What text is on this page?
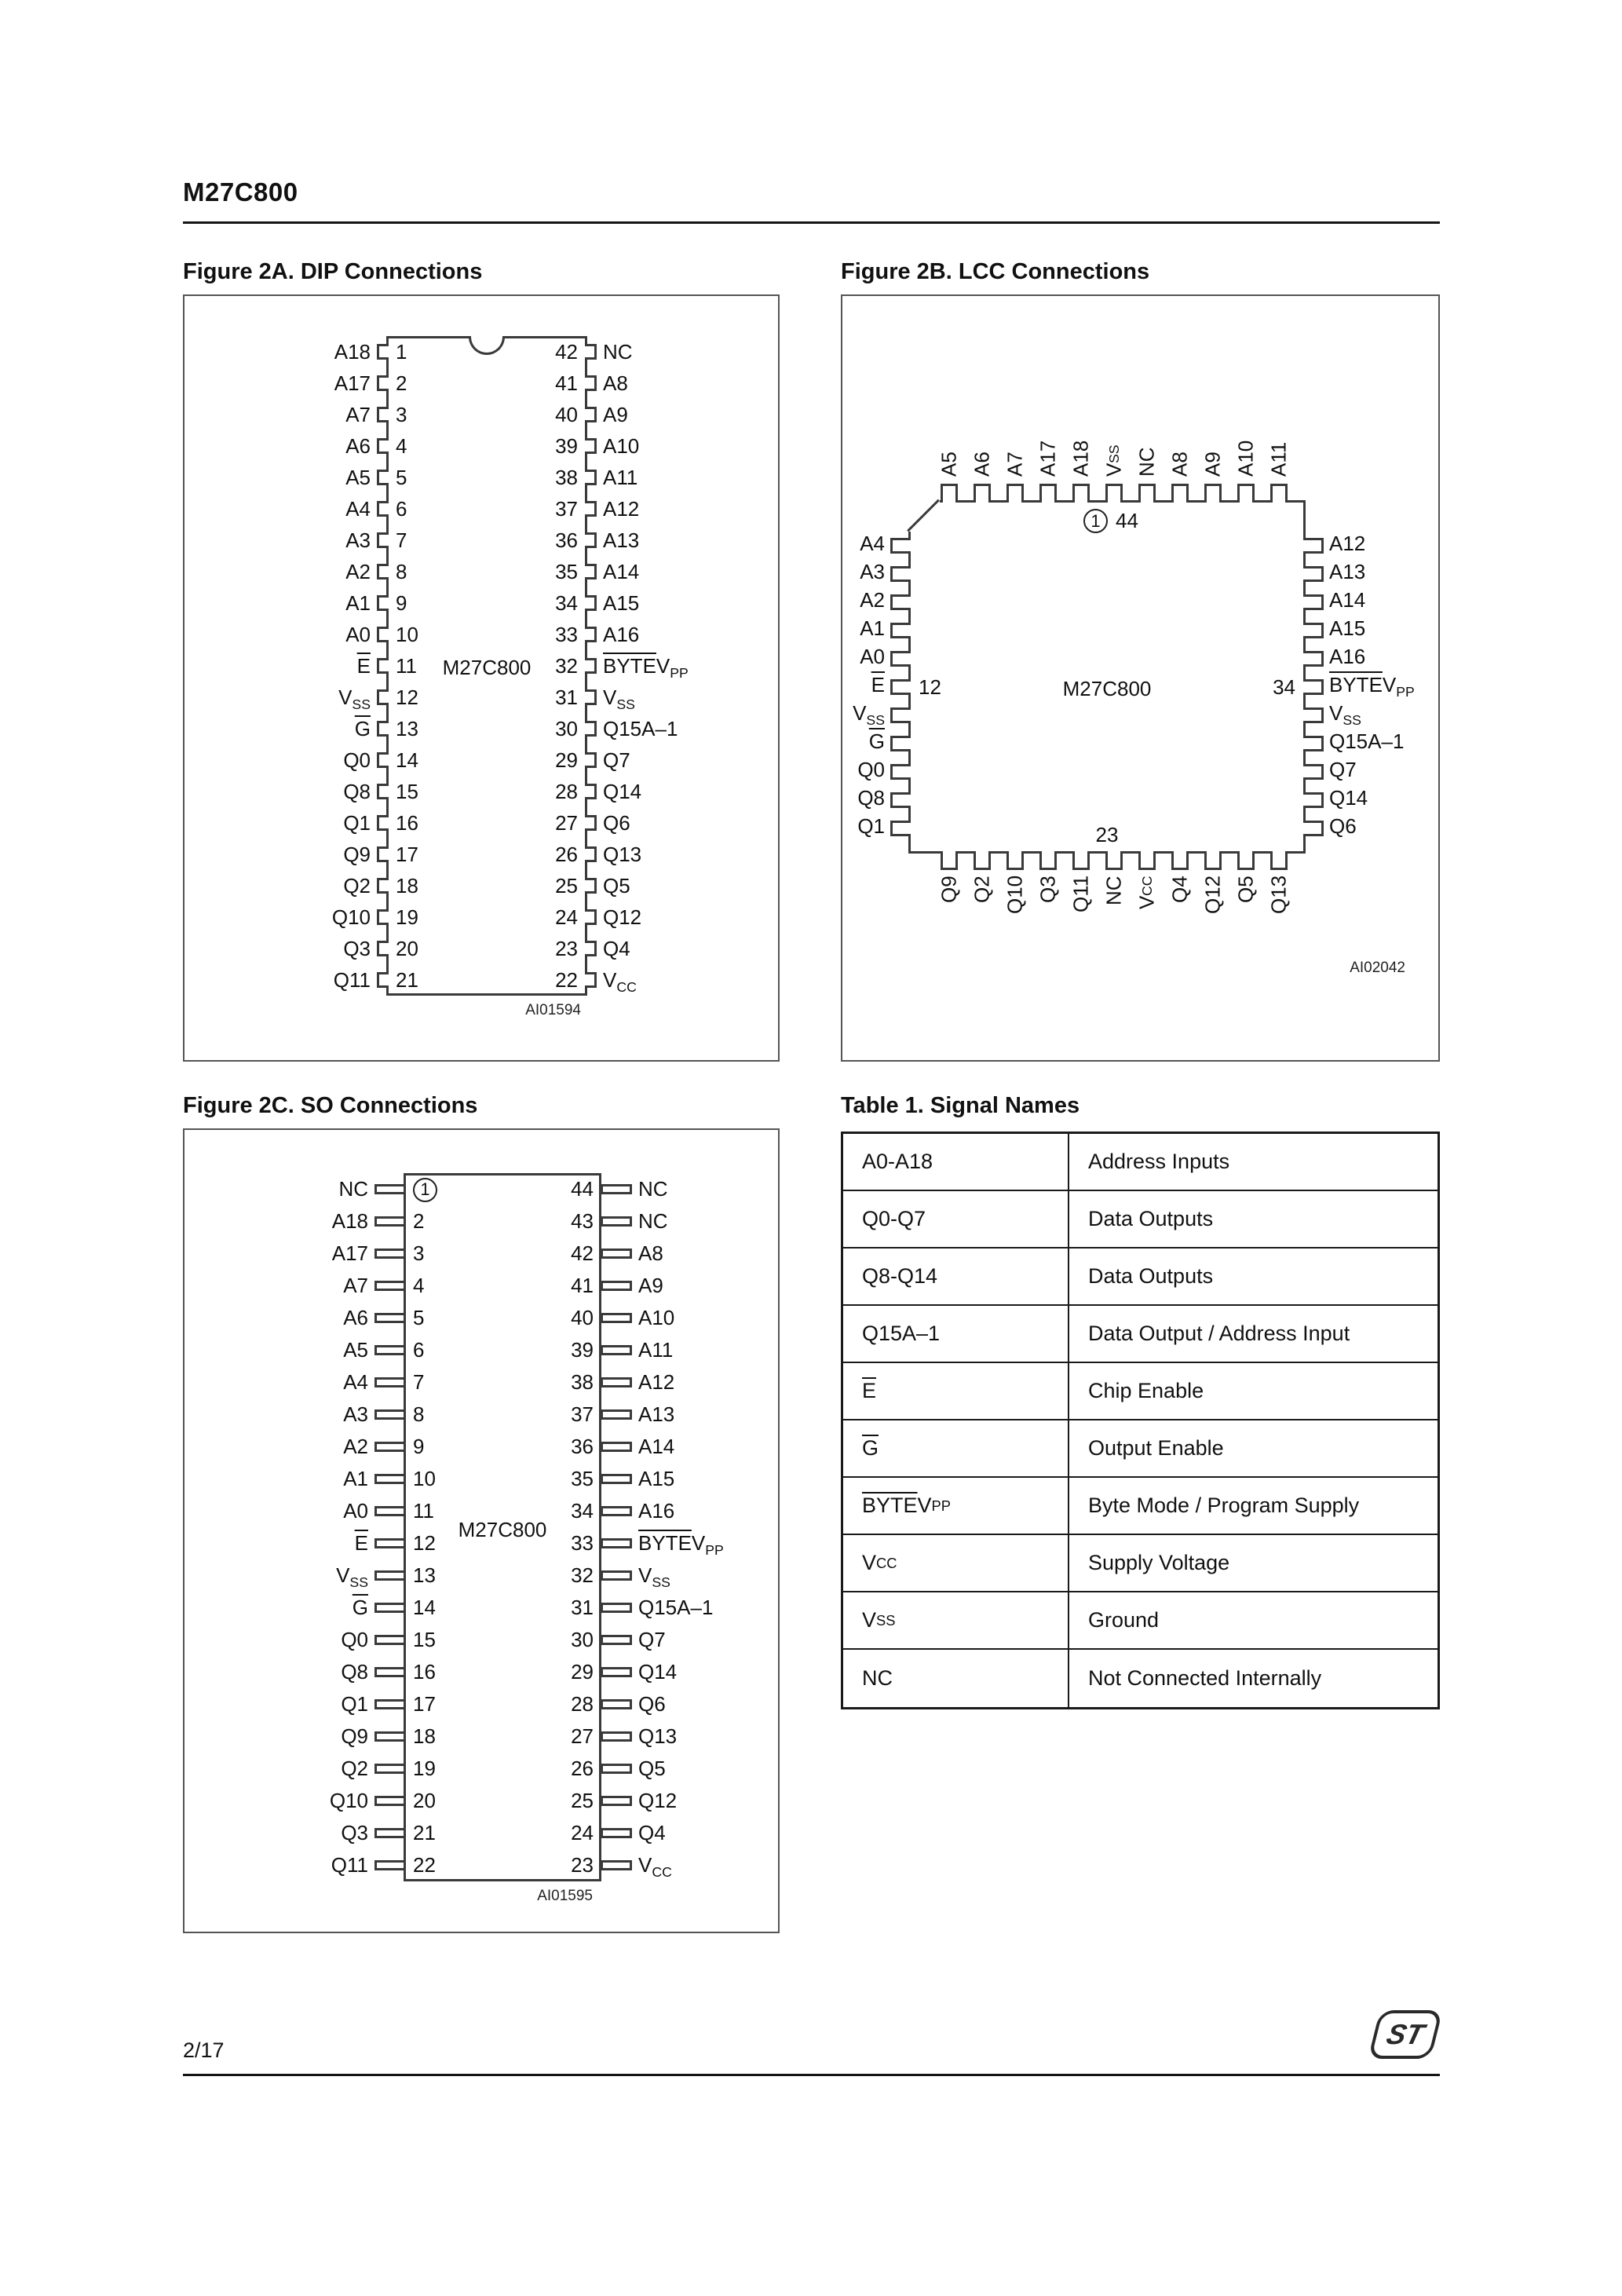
M27C800
Figure 2A. DIP Connections
M27C800
A18	1	42	NC
A17	2	41	A8
A7	3	40	A9
A6	4	39	A10
A5	5	38	A11
A4	6	37	A12
A3	7	36	A13
A2	8	35	A14
A1	9	34	A15
A0	10	33	A16
$\overline{E}$	11	32	$BYTEV_{PP}$
$V_{SS}$	12	31	$V_{SS}$
$\overline{G}$	13	30	Q15A–1
Q0	14	29	Q7
Q8	15	28	Q14
Q1	16	27	Q6
Q9	17	26	Q13
Q2	18	25	Q5
Q10	19	24	Q12
Q3	20	23	Q4
Q11	21	22	$V_{CC}$
AI01594
Figure 2B. LCC Connections
1 44
12	34
23
M27C800
AI02042
A5 A6 A7 A17 A18 V
SS NC A8 A9 A10 A11
Q9 Q2 Q10 Q3 Q11 NC V
CC Q4 Q12 Q5 Q13
A4
A3
A2
A1
A0
$\overline{E}$
$V_{SS}$
$\overline{G}$
Q0
Q8
Q1
A12
A13
A14
A15
A16
$BYTEV_{PP}$
$V_{SS}$
Q15A–1
Q7
Q14
Q6
Figure 2C. SO Connections
M27C800
NC	1	44	NC
A18	2	43	NC
A17	3	42	A8
A7	4	41	A9
A6	5	40	A10
A5	6	39	A11
A4	7	38	A12
A3	8	37	A13
A2	9	36	A14
A1	10	35	A15
A0	11	34	A16
$\overline{E}$	12	33	$BYTEV_{PP}$
$V_{SS}$	13	32	$V_{SS}$
$\overline{G}$	14	31	Q15A–1
Q0	15	30	Q7
Q8	16	29	Q14
Q1	17	28	Q6
Q9	18	27	Q13
Q2	19	26	Q5
Q10	20	25	Q12
Q3	21	24	Q4
Q11	22	23	$V_{CC}$
AI01595
Table 1. Signal Names
A0-A18	Address Inputs
Q0-Q7	Data Outputs
Q8-Q14	Data Outputs
Q15A–1	Data Output / Address Input
$\overline{E}$	Chip Enable
$\overline{G}$	Output Enable
BYTE V PP	Byte Mode / Program Supply
V CC	Supply Voltage
V SS	Ground
NC	Not Connected Internally
2/17	ST
